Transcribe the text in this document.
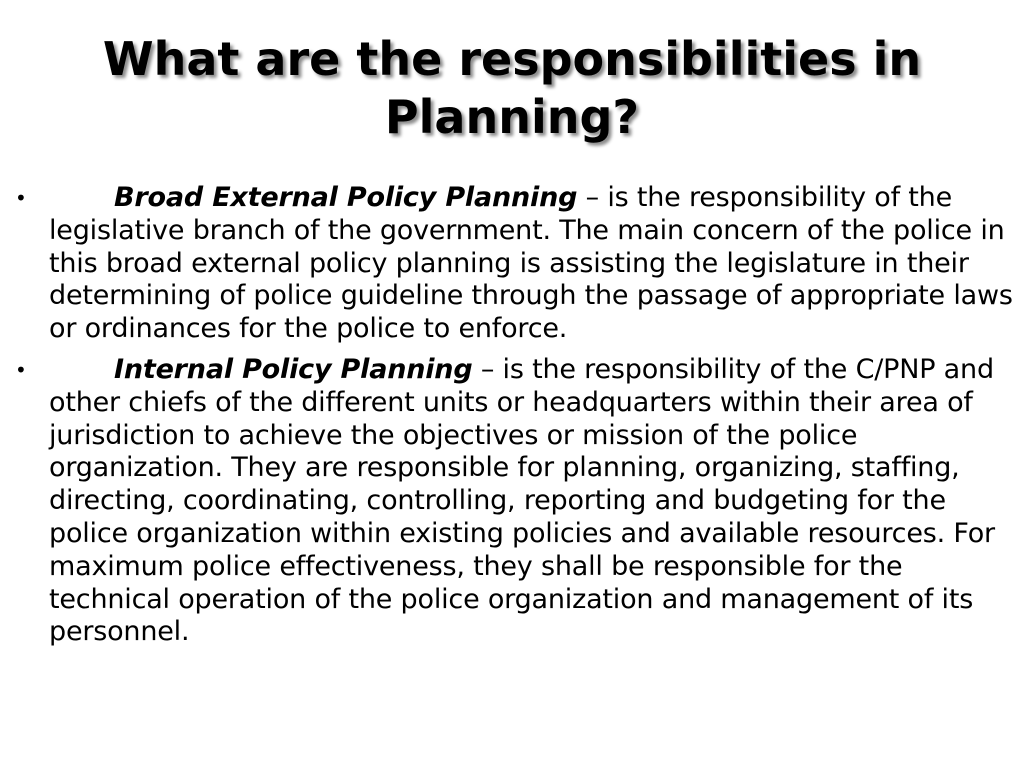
What are the responsibilities in Planning?
•	Broad External Policy Planning – is the responsibility of the legislative branch of the government. The main concern of the police in this broad external policy planning is assisting the legislature in their determining of police guideline through the passage of appropriate laws or ordinances for the police to enforce.
•	Internal Policy Planning – is the responsibility of the C/PNP and other chiefs of the different units or headquarters within their area of jurisdiction to achieve the objectives or mission of the police organization. They are responsible for planning, organizing, staffing, directing, coordinating, controlling, reporting and budgeting for the police organization within existing policies and available resources. For maximum police effectiveness, they shall be responsible for the technical operation of the police organization and management of its personnel.
